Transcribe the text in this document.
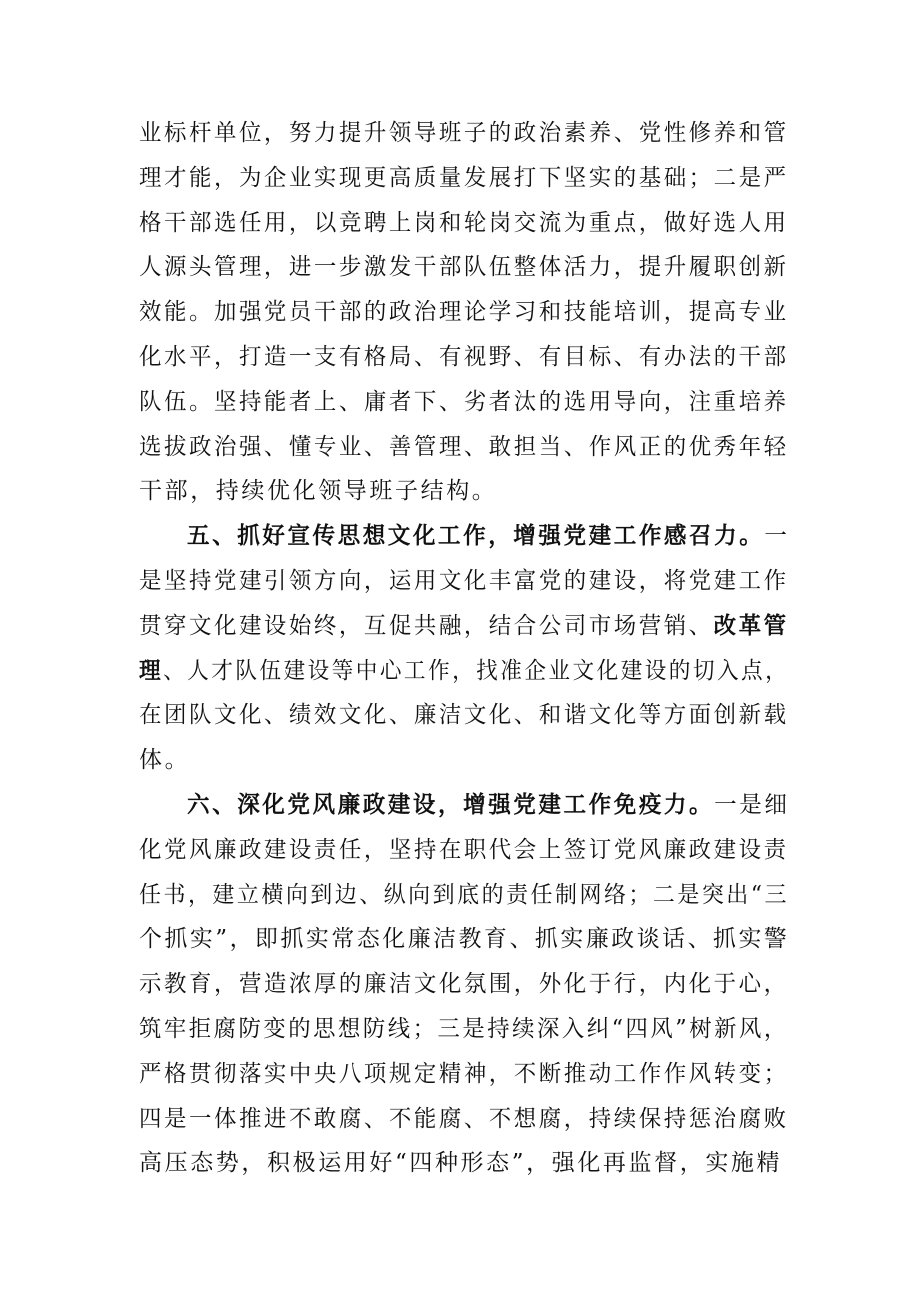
业标杆单位，努力提升领导班子的政治素养、党性修养和管
理才能，为企业实现更高质量发展打下坚实的基础；二是严
格干部选任用，以竞聘上岗和轮岗交流为重点，做好选人用
人源头管理，进一步激发干部队伍整体活力，提升履职创新
效能。加强党员干部的政治理论学习和技能培训，提高专业
化水平，打造一支有格局、有视野、有目标、有办法的干部
队伍。坚持能者上、庸者下、劣者汰的选用导向，注重培养
选拔政治强、懂专业、善管理、敢担当、作风正的优秀年轻
干部，持续优化领导班子结构。
五、抓好宣传思想文化工作，增强党建工作感召力。一
是坚持党建引领方向，运用文化丰富党的建设，将党建工作
贯穿文化建设始终，互促共融，结合公司市场营销、改革管
理、人才队伍建设等中心工作，找准企业文化建设的切入点，
在团队文化、绩效文化、廉洁文化、和谐文化等方面创新载
体。
六、深化党风廉政建设，增强党建工作免疫力。一是细
化党风廉政建设责任，坚持在职代会上签订党风廉政建设责
任书，建立横向到边、纵向到底的责任制网络；二是突出“三
个抓实”，即抓实常态化廉洁教育、抓实廉政谈话、抓实警
示教育，营造浓厚的廉洁文化氛围，外化于行，内化于心，
筑牢拒腐防变的思想防线；三是持续深入纠“四风”树新风，
严格贯彻落实中央八项规定精神，不断推动工作作风转变；
四是一体推进不敢腐、不能腐、不想腐，持续保持惩治腐败
高压态势，积极运用好“四种形态”，强化再监督，实施精
